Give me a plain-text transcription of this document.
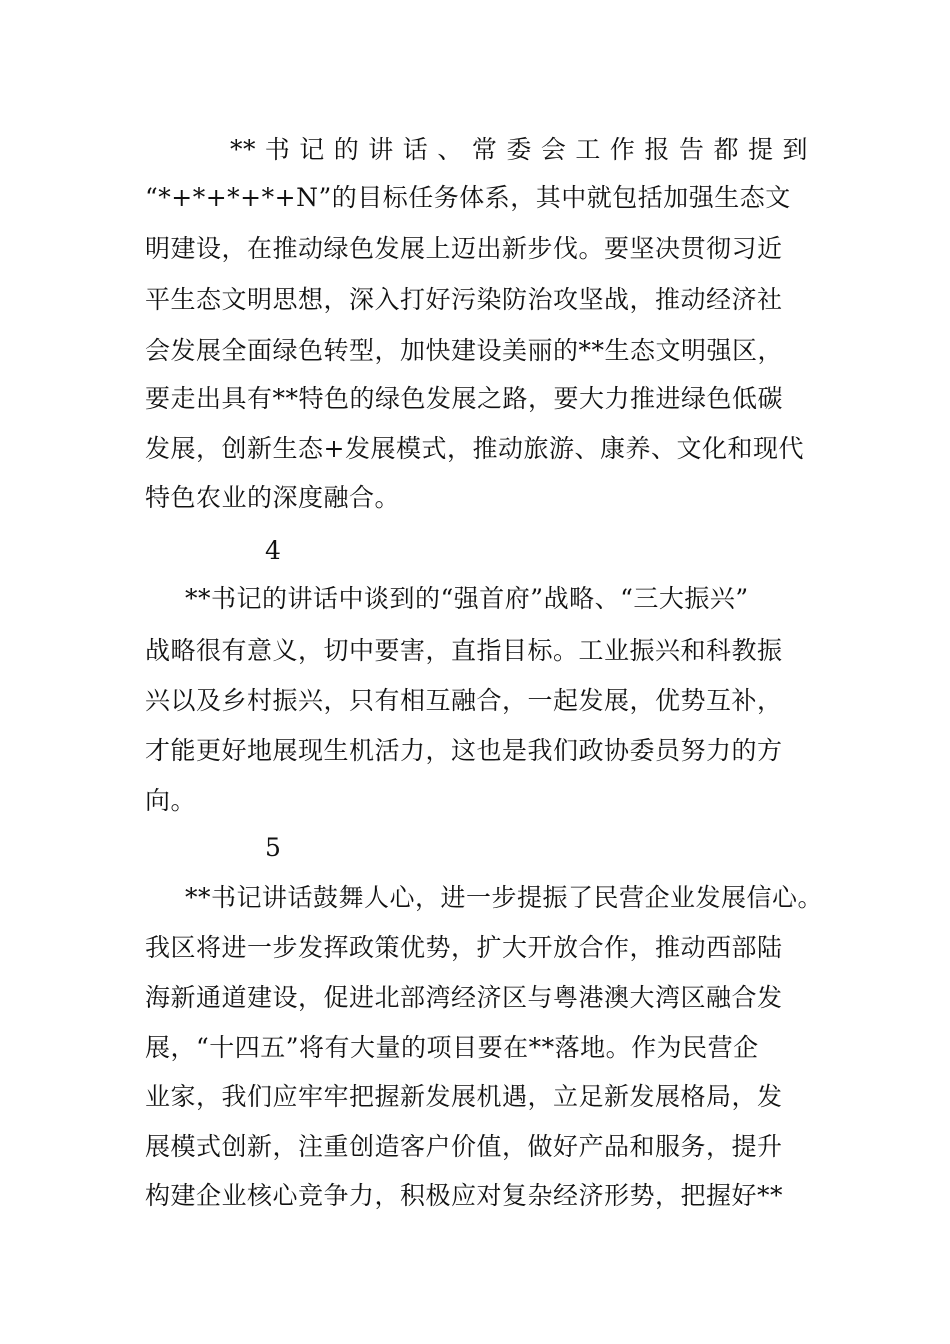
** 书 记 的 讲 话 、 常 委 会 工 作 报 告 都 提 到
“*+*+*+*+N”的目标任务体系，其中就包括加强生态文
明建设，在推动绿色发展上迈出新步伐。要坚决贯彻习近
平生态文明思想，深入打好污染防治攻坚战，推动经济社
会发展全面绿色转型，加快建设美丽的**生态文明强区，
要走出具有**特色的绿色发展之路，要大力推进绿色低碳
发展，创新生态+发展模式，推动旅游、康养、文化和现代
特色农业的深度融合。
4
**书记的讲话中谈到的“强首府”战略、“三大振兴”
战略很有意义，切中要害，直指目标。工业振兴和科教振
兴以及乡村振兴，只有相互融合，一起发展，优势互补，
才能更好地展现生机活力，这也是我们政协委员努力的方
向。
5
**书记讲话鼓舞人心，进一步提振了民营企业发展信心。
我区将进一步发挥政策优势，扩大开放合作，推动西部陆
海新通道建设，促进北部湾经济区与粤港澳大湾区融合发
展，“十四五”将有大量的项目要在**落地。作为民营企
业家，我们应牢牢把握新发展机遇，立足新发展格局，发
展模式创新，注重创造客户价值，做好产品和服务，提升
构建企业核心竞争力，积极应对复杂经济形势，把握好**
